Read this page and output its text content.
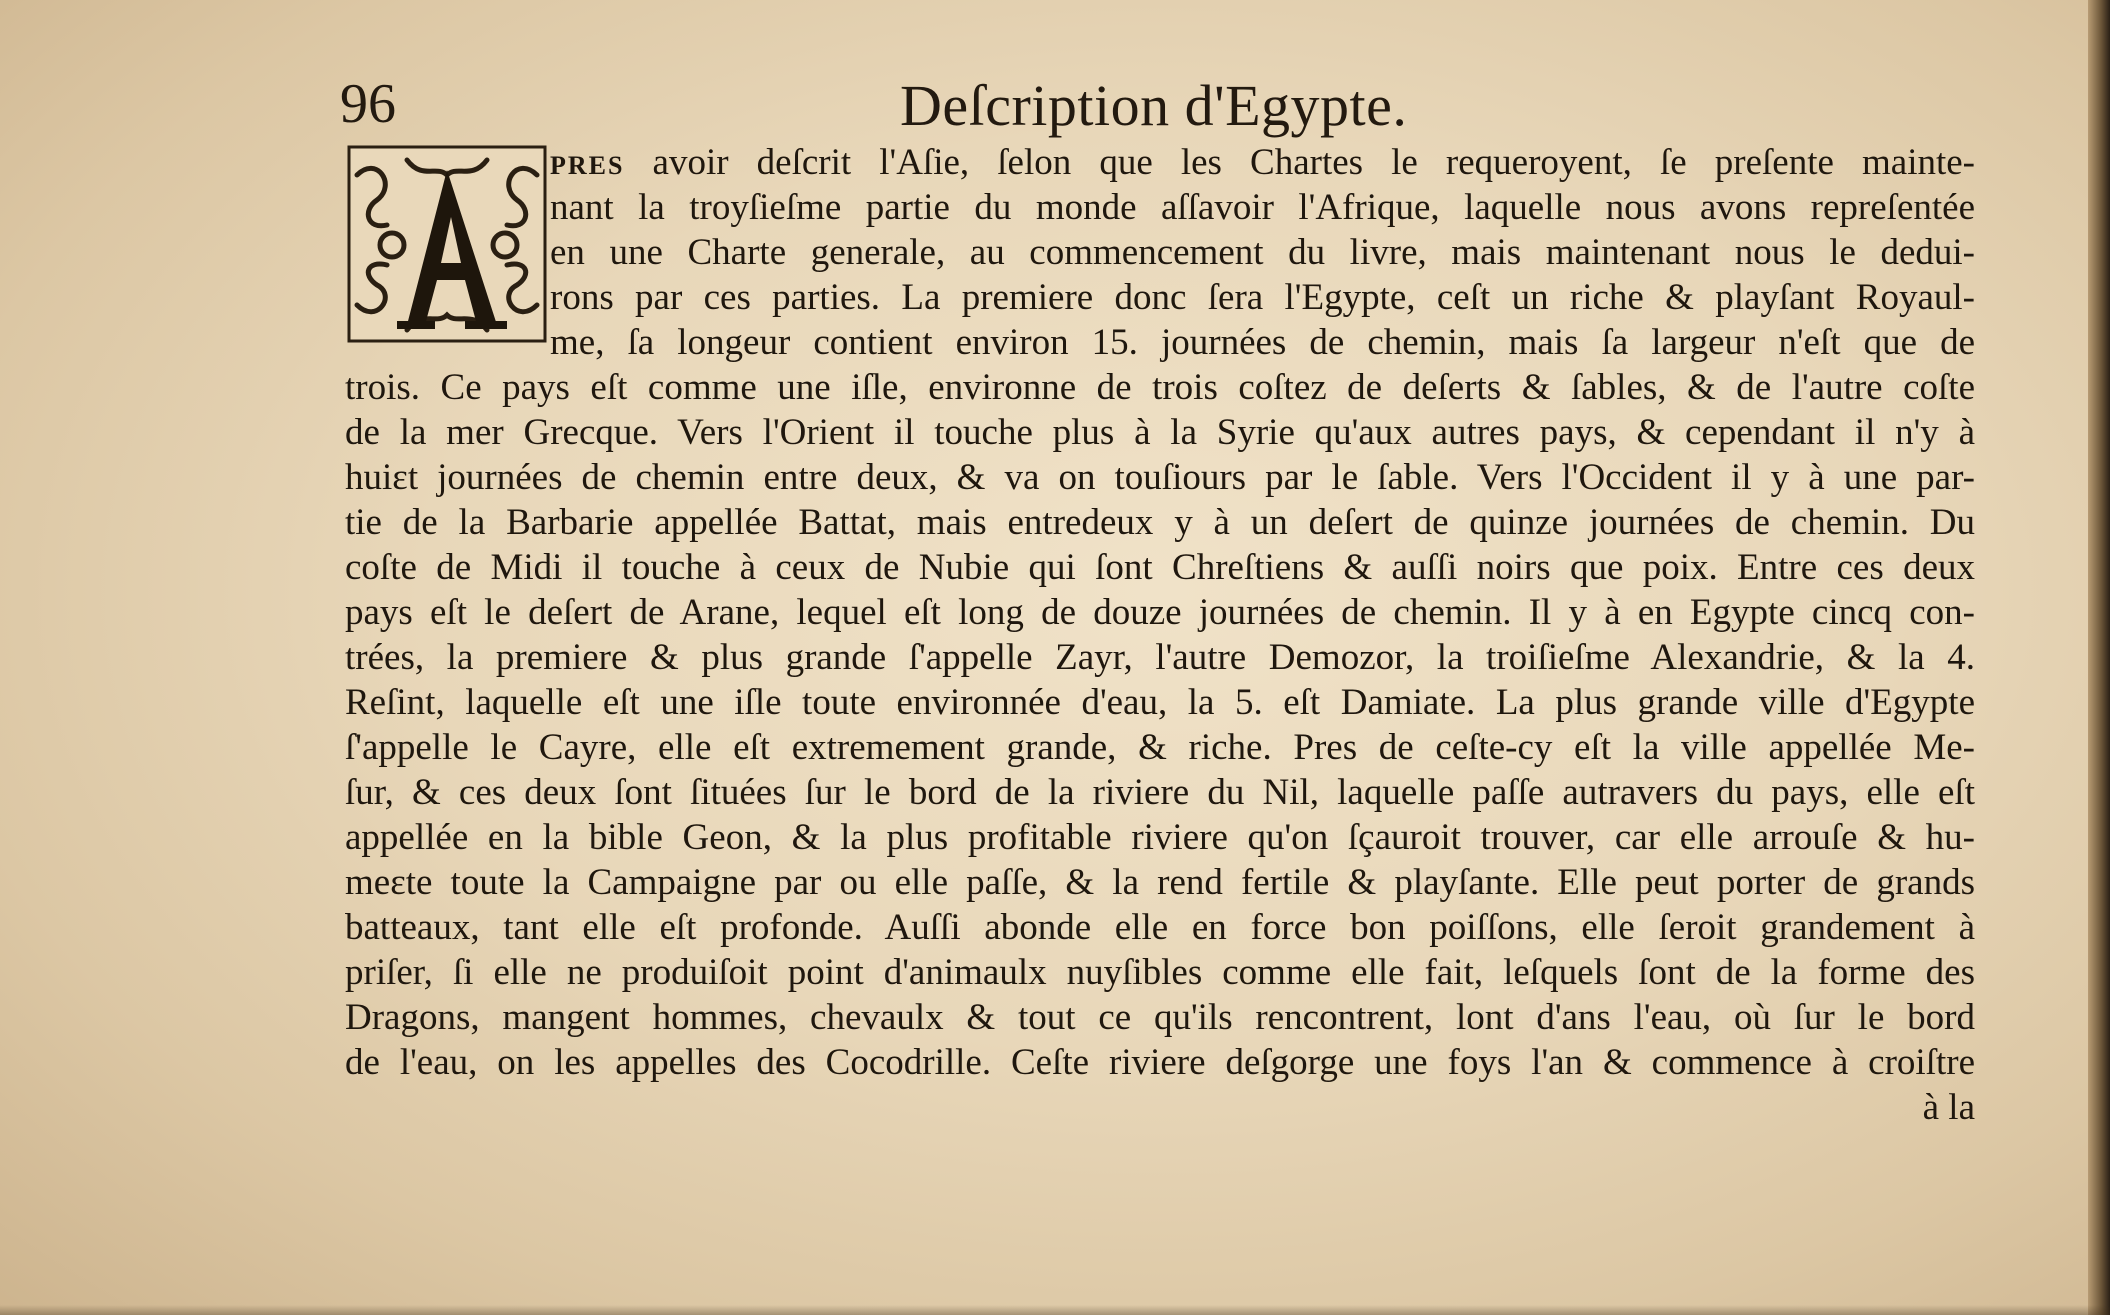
96	Deſcription d'Egypte.
PRES avoir deſcrit l'Aſie, ſelon que les Chartes le requeroyent, ſe preſente mainte-
nant la troyſieſme partie du monde aſſavoir l'Afrique, laquelle nous avons repreſentée
en une Charte generale, au commencement du livre, mais maintenant nous le dedui-
rons par ces parties. La premiere donc ſera l'Egypte, ceſt un riche & playſant Royaul-
me, ſa longeur contient environ 15. journées de chemin, mais ſa largeur n'eſt que de
trois. Ce pays eſt comme une iſle, environne de trois coſtez de deſerts & ſables, & de l'autre coſte
de la mer Grecque. Vers l'Orient il touche plus à la Syrie qu'aux autres pays, & cependant il n'y à
huiɛt journées de chemin entre deux, & va on touſiours par le ſable. Vers l'Occident il y à une par-
tie de la Barbarie appellée Battat, mais entredeux y à un deſert de quinze journées de chemin. Du
coſte de Midi il touche à ceux de Nubie qui ſont Chreſtiens & auſſi noirs que poix. Entre ces deux
pays eſt le deſert de Arane, lequel eſt long de douze journées de chemin. Il y à en Egypte cincq con-
trées, la premiere & plus grande ſ'appelle Zayr, l'autre Demozor, la troiſieſme Alexandrie, & la 4.
Reſint, laquelle eſt une iſle toute environnée d'eau, la 5. eſt Damiate. La plus grande ville d'Egypte
ſ'appelle le Cayre, elle eſt extremement grande, & riche. Pres de ceſte-cy eſt la ville appellée Me-
ſur, & ces deux ſont ſituées ſur le bord de la riviere du Nil, laquelle paſſe autravers du pays, elle eſt
appellée en la bible Geon, & la plus profitable riviere qu'on ſçauroit trouver, car elle arrouſe & hu-
meɛte toute la Campaigne par ou elle paſſe, & la rend fertile & playſante. Elle peut porter de grands
batteaux, tant elle eſt profonde. Auſſi abonde elle en force bon poiſſons, elle ſeroit grandement à
priſer, ſi elle ne produiſoit point d'animaulx nuyſibles comme elle fait, leſquels ſont de la forme des
Dragons, mangent hommes, chevaulx & tout ce qu'ils rencontrent, lont d'ans l'eau, où ſur le bord
de l'eau, on les appelles des Cocodrille. Ceſte riviere deſgorge une foys l'an & commence à croiſtre
à la
